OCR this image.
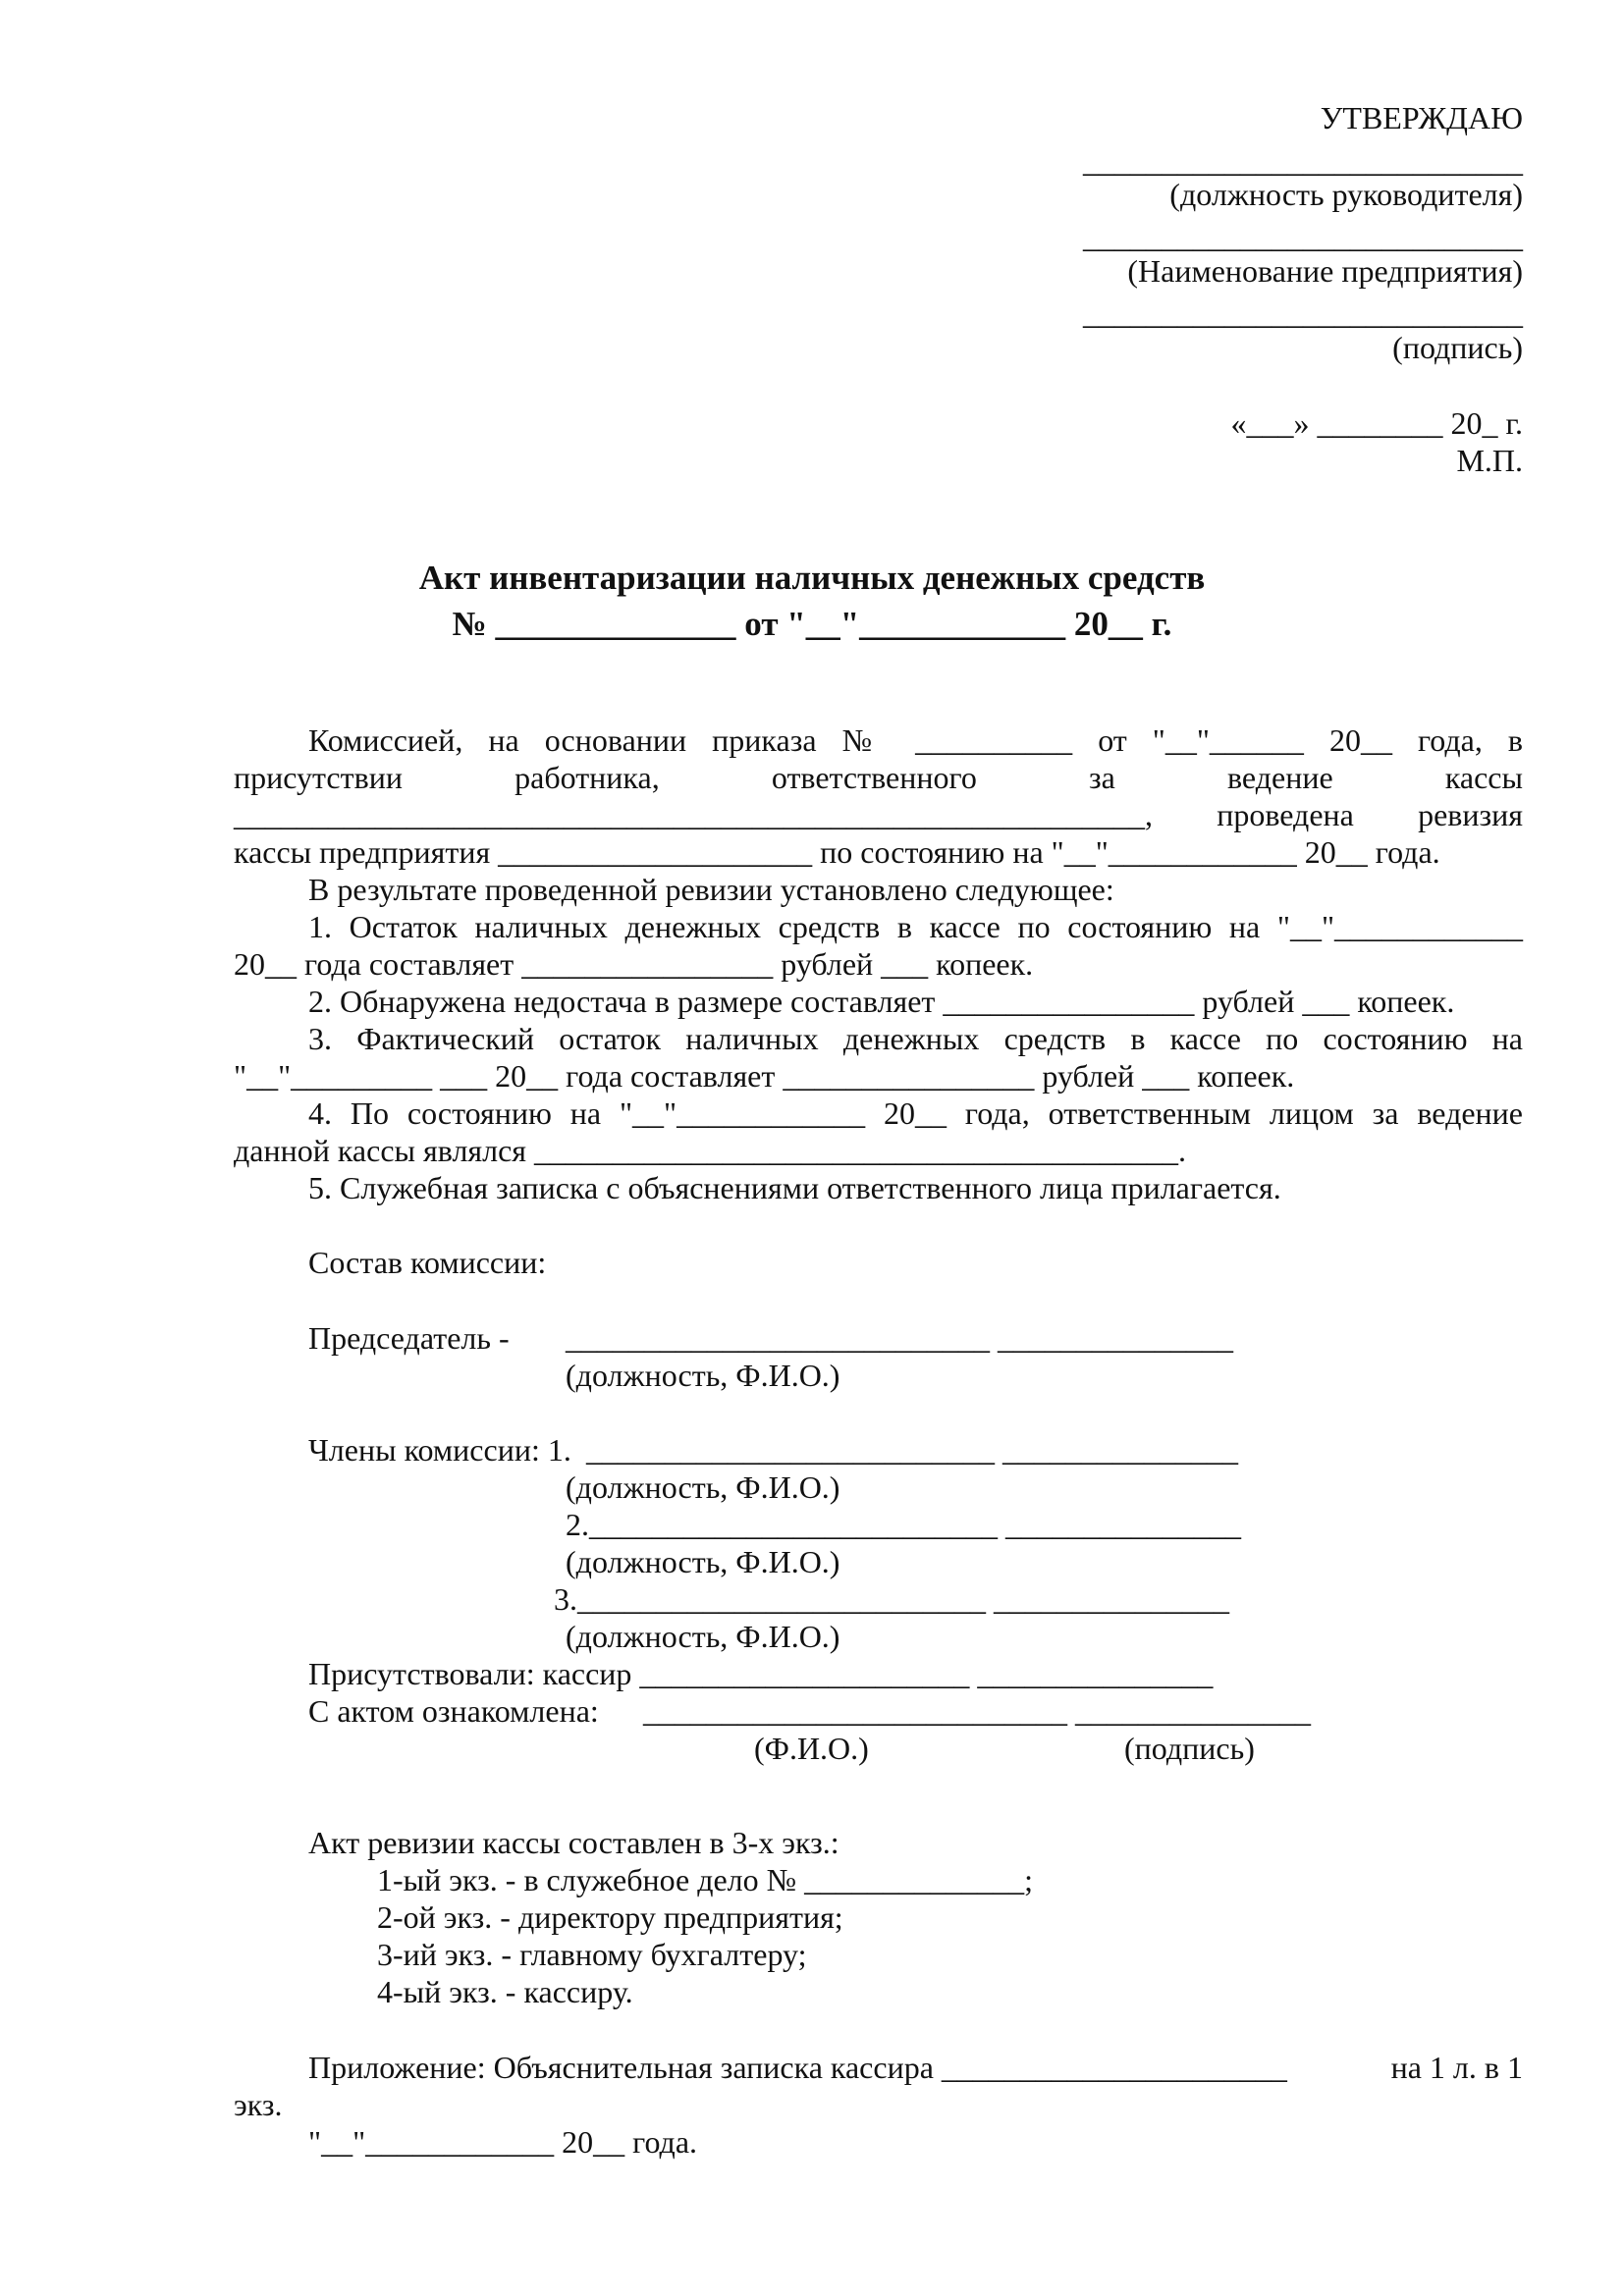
УТВЕРЖДАЮ
____________________________
(должность руководителя)
____________________________
(Наименование предприятия)
____________________________
(подпись)
«___» ________ 20_ г.
М.П.
Акт инвентаризации наличных денежных средств
№ ______________ от "__"____________ 20__ г.
Комиссией, на основании приказа № __________ от "__"______ 20__ года, в
присутствии работника, ответственного за ведение кассы
__________________________________________________________, проведена ревизия
кассы предприятия ____________________ по состоянию на "__"____________ 20__ года.
В результате проведенной ревизии установлено следующее:
1. Остаток наличных денежных средств в кассе по состоянию на "__"____________
20__ года составляет ________________ рублей ___ копеек.
2. Обнаружена недостача в размере составляет ________________ рублей ___ копеек.
3. Фактический остаток наличных денежных средств в кассе по состоянию на
"__"_________ ___ 20__ года составляет ________________ рублей ___ копеек.
4. По состоянию на "__"____________ 20__ года, ответственным лицом за ведение
данной кассы являлся _________________________________________.
5. Служебная записка с объяснениями ответственного лица прилагается.
Состав комиссии:
Председатель - ___________________________ _______________
(должность, Ф.И.О.)
Члены комиссии: 1. __________________________ _______________
(должность, Ф.И.О.)
2.__________________________ _______________
(должность, Ф.И.О.)
3.__________________________ _______________
(должность, Ф.И.О.)
Присутствовали: кассир _____________________ _______________
С актом ознакомлена: ___________________________ _______________
(Ф.И.О.)	(подпись)
Акт ревизии кассы составлен в 3-х экз.:
1-ый экз. - в служебное дело № ______________;
2-ой экз. - директору предприятия;
3-ий экз. - главному бухгалтеру;
4-ый экз. - кассиру.
Приложение: Объяснительная записка кассира ______________________	на 1 л. в 1
экз.
"__"____________ 20__ года.
